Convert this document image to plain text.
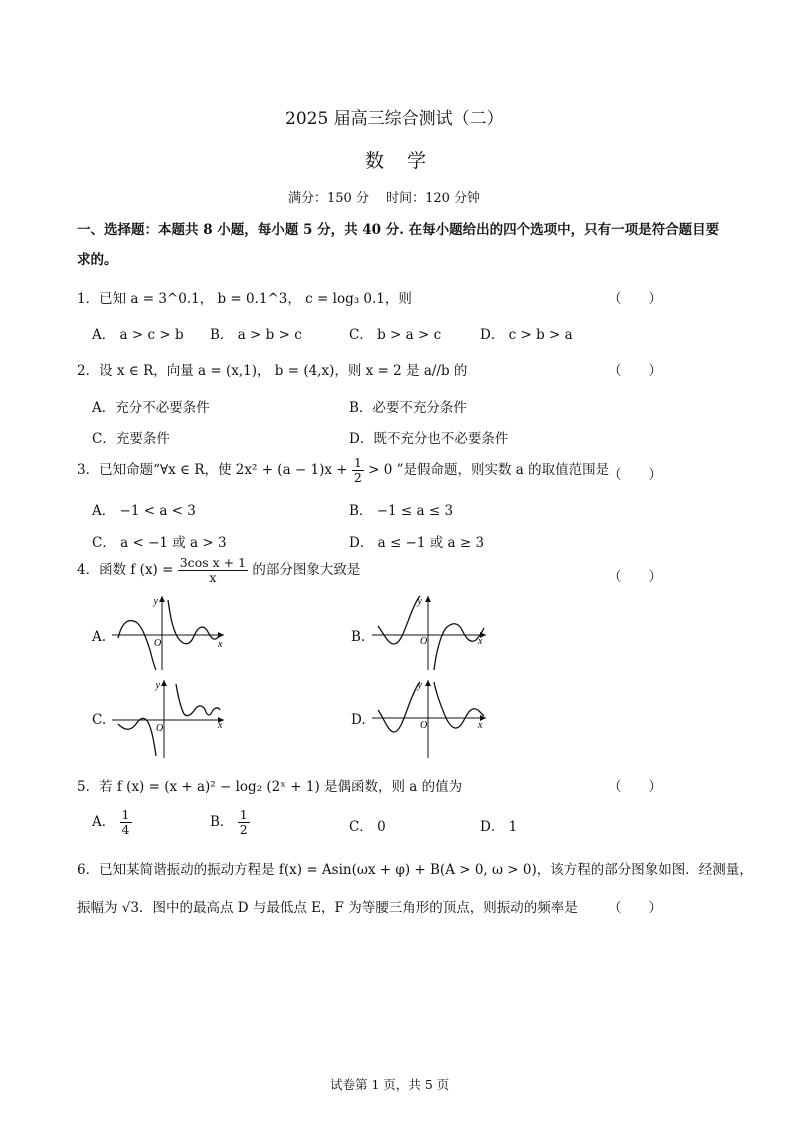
2025 届高三综合测试（二）
数　学
满分：150 分　 时间：120 分钟
一、选择题：本题共 8 小题，每小题 5 分，共 40 分. 在每小题给出的四个选项中，只有一项是符合题目要
求的。
1．已知 a = 3^0.1， b = 0.1^3， c = log₃ 0.1，则	（　　）
A． a > c > b B． a > b > c	C． b > a > c	D． c > b > a
2．设 x ∈ R，向量 a = (x,1)， b = (4,x)，则 x = 2 是 a//b 的	（　　）
A．充分不必要条件	B．必要不充分条件
C．充要条件	D．既不充分也不必要条件
3．已知命题“∀x ∈ R，使 $2x^2 + (a - 1)x + \frac{1}{2} > 0$ ”是假命题，则实数 a 的取值范围是
（　　）
A． −1 < a < 3	B． −1 ≤ a ≤ 3
C． a < −1 或 a > 3	D． a ≤ −1 或 a ≥ 3
4．函数 f $(x) = \frac{\text{3cos x + 1}}{x}$ 的部分图象大致是	（　　）
A.	B.
C.	D.
y
x
O
y
x
O
y
x
O
y
x
O
5．若 f (x) = (x + a)² − log₂ (2ˣ + 1) 是偶函数，则 a 的值为	（　　）
A． $\frac{1}{4}$	B． $\frac{1}{2}$	C． 0	D． 1
6．已知某简谐振动的振动方程是 f(x) = Asin(ωx + φ) + B(A > 0, ω > 0)，该方程的部分图象如图．经测量，
振幅为 √3．图中的最高点 D 与最低点 E，F 为等腰三角形的顶点，则振动的频率是 （　　）
试卷第 1 页，共 5 页
